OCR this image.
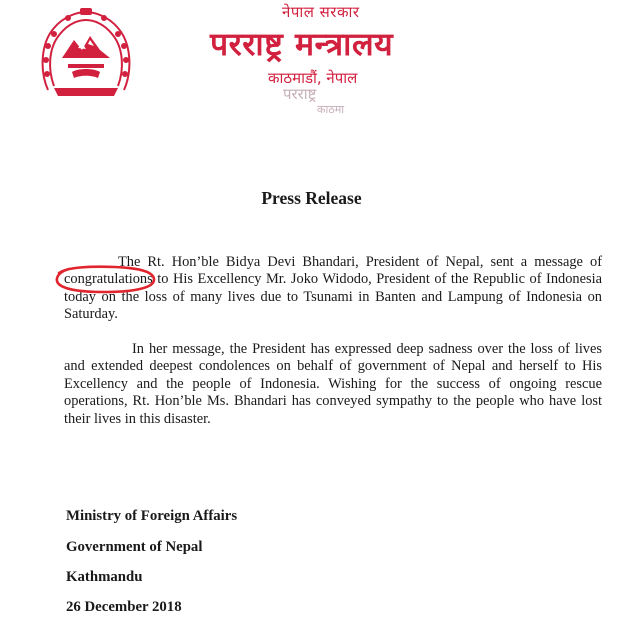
नेपाल सरकार
परराष्ट्र मन्त्रालय
काठमाडौं, नेपाल
परराष्ट्र
काठमा
Press Release
The Rt. Hon’ble Bidya Devi Bhandari, President of Nepal, sent a message of congratulations
to His Excellency Mr. Joko Widodo, President of the Republic of Indonesia today on the loss of many lives due to Tsunami in Banten and Lampung of Indonesia on Saturday.
In her message, the President has expressed deep sadness over the loss of lives and extended deepest condolences on behalf of government of Nepal and herself to His Excellency and the people of Indonesia. Wishing for the success of ongoing rescue operations, Rt. Hon’ble Ms. Bhandari has conveyed sympathy to the people who have lost their lives in this disaster.
Ministry of Foreign Affairs
Government of Nepal
Kathmandu
26 December 2018
